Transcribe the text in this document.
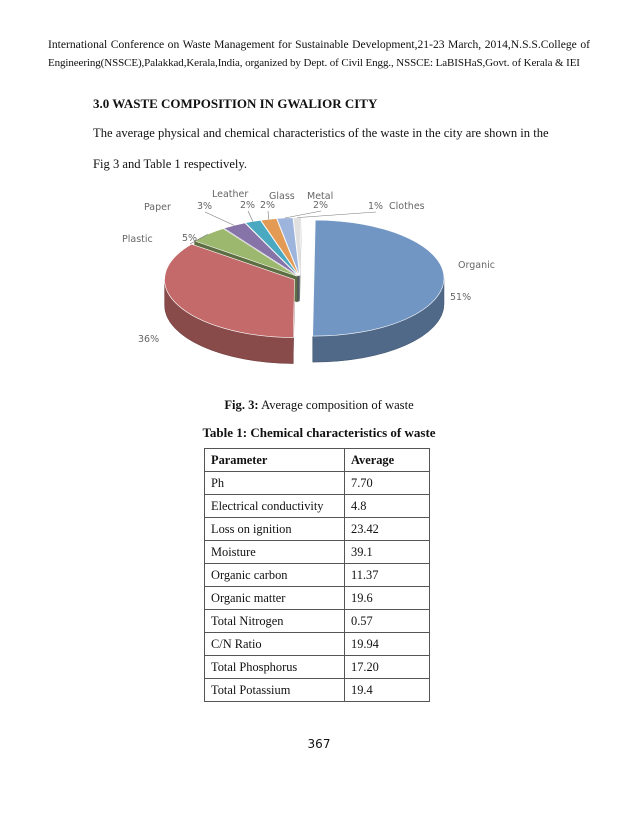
International Conference on Waste Management for Sustainable Development,21-23 March, 2014,N.S.S.College of
Engineering(NSSCE),Palakkad,Kerala,India, organized by Dept. of Civil Engg., NSSCE: LaBISHaS,Govt. of Kerala & IEI
3.0 WASTE COMPOSITION IN GWALIOR CITY
The average physical and chemical characteristics of the waste in the city are shown in the
Fig 3 and Table 1 respectively.
Organic
51%
36%
Plastic	5%
Paper	3%
Leather
2%
Glass
2%
Metal
2%	Clothes
1%
Fig. 3: Average composition of waste
Table 1: Chemical characteristics of waste
Parameter	Average
Ph	7.70
Electrical conductivity	4.8
Loss on ignition	23.42
Moisture	39.1
Organic carbon	11.37
Organic matter	19.6
Total Nitrogen	0.57
C/N Ratio	19.94
Total Phosphorus	17.20
Total Potassium	19.4
367
